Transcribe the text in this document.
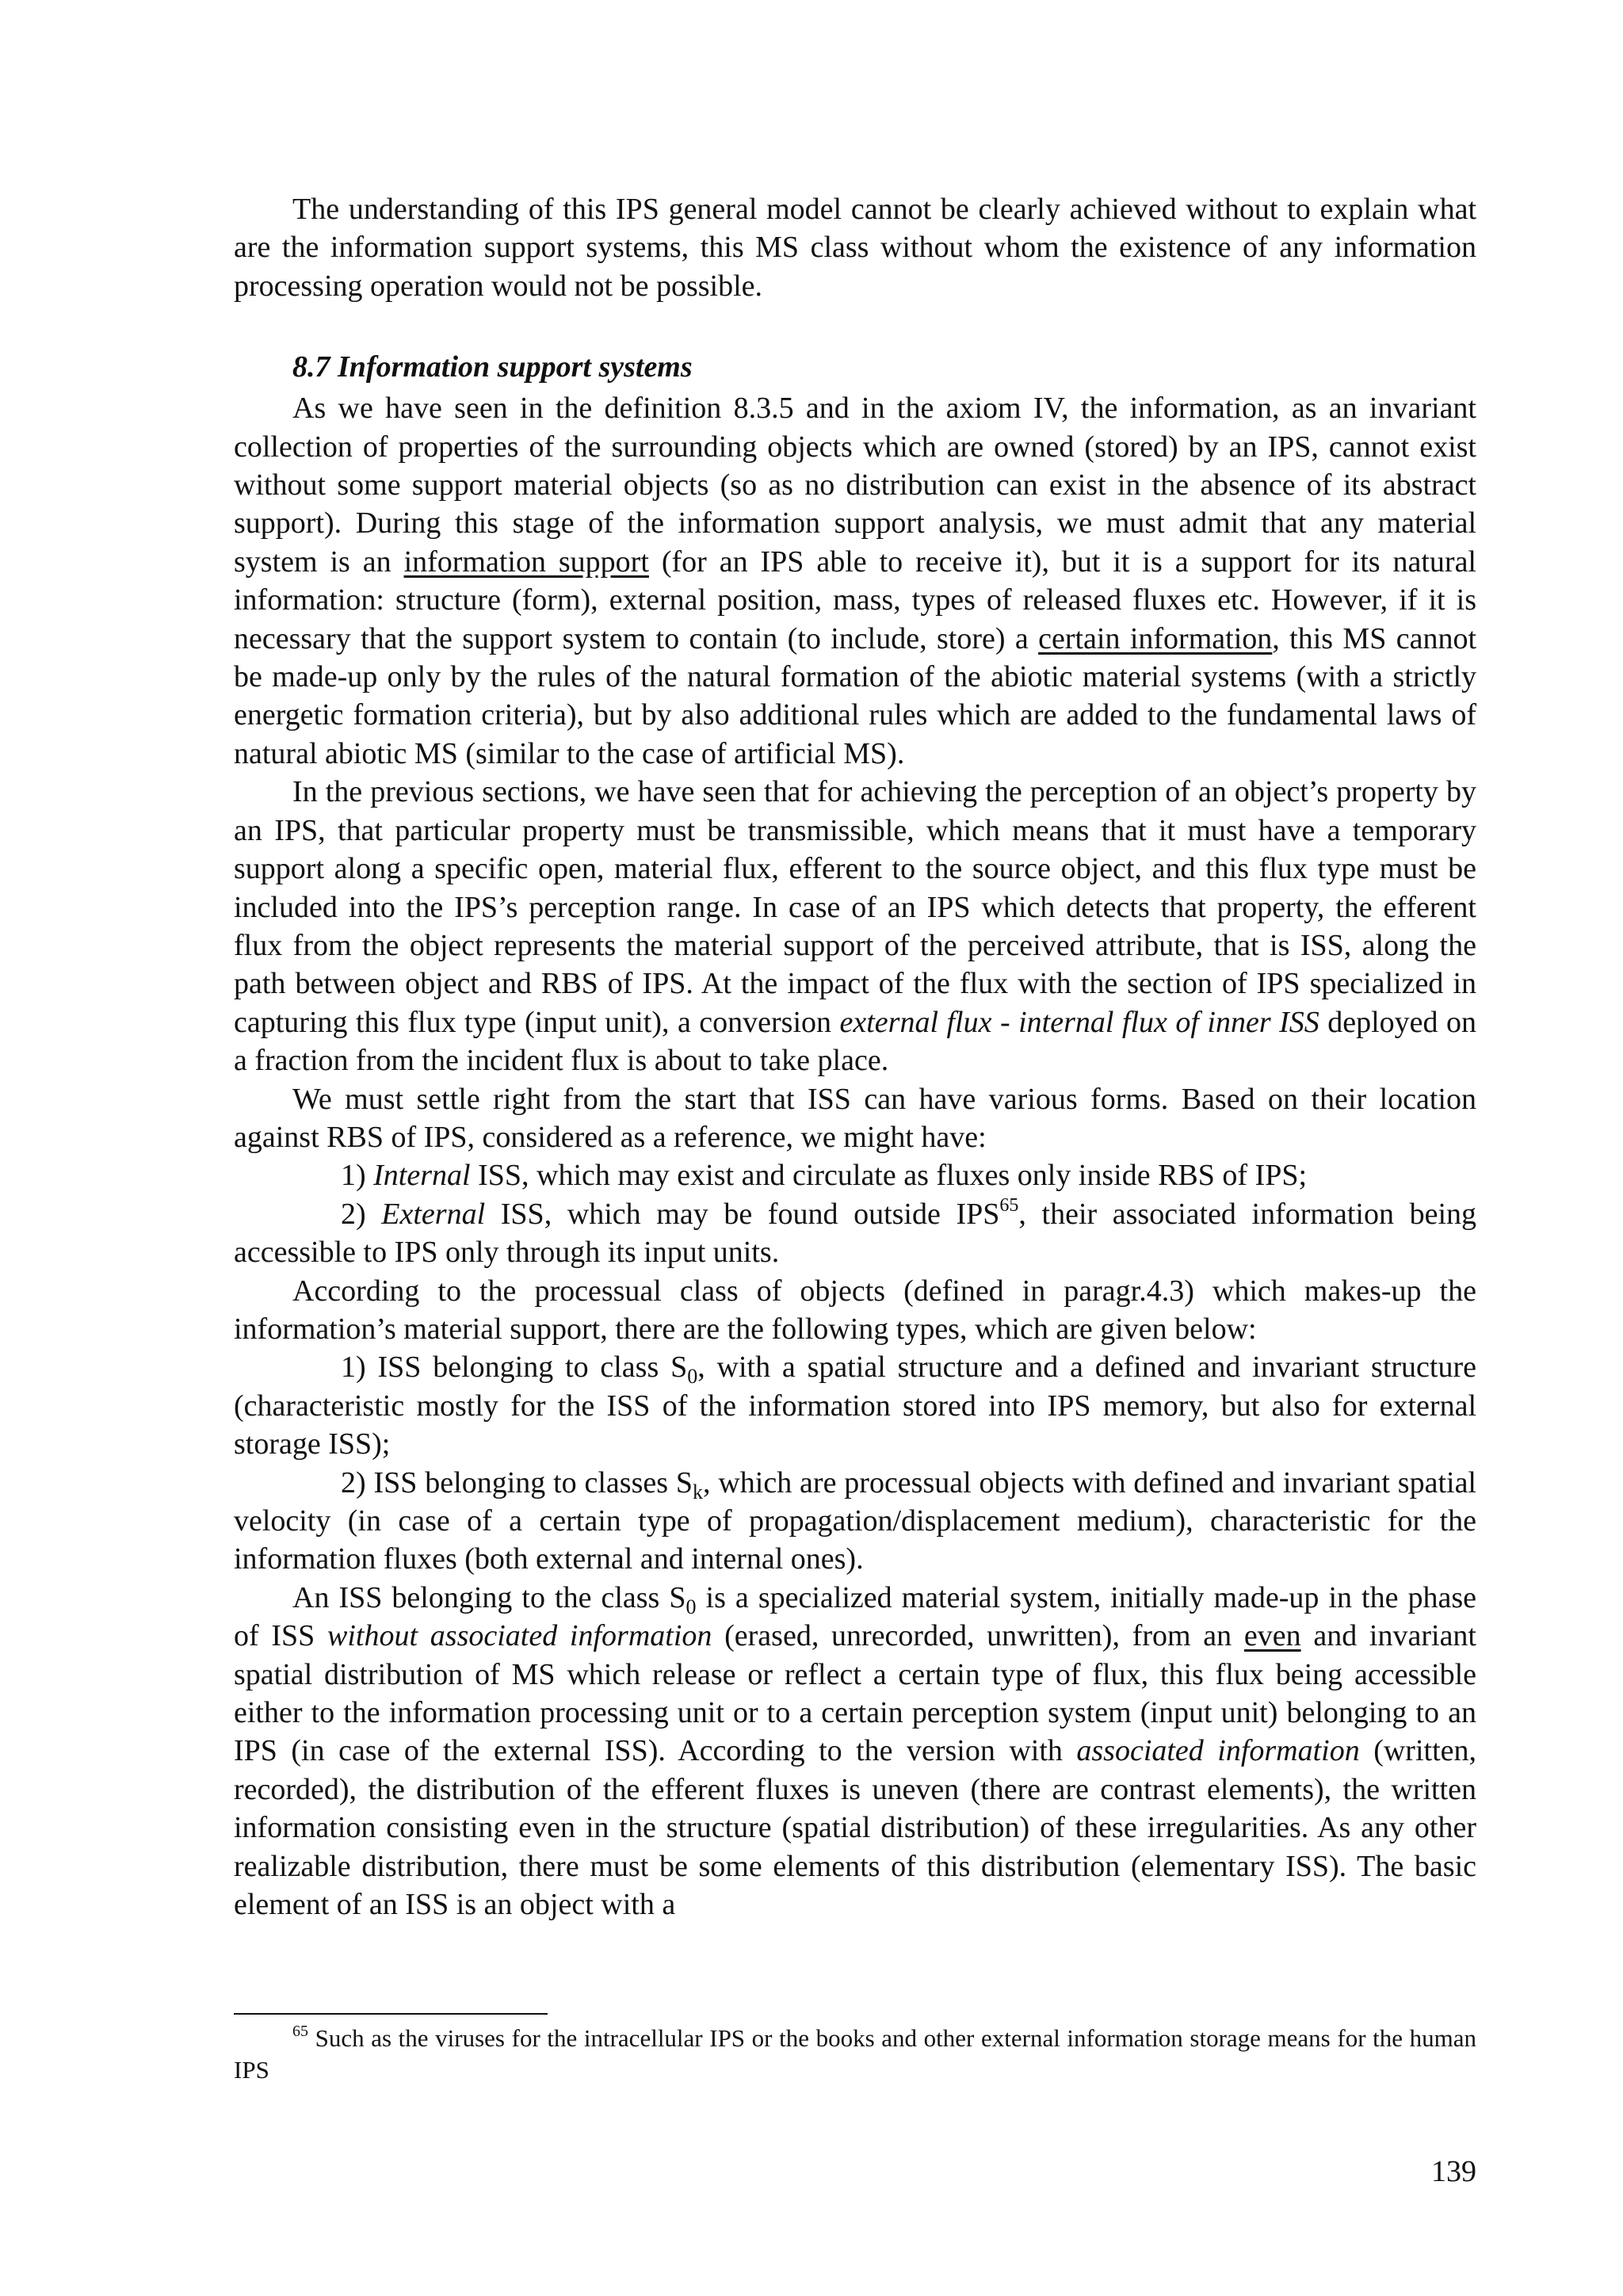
The understanding of this IPS general model cannot be clearly achieved without to explain what are the information support systems, this MS class without whom the existence of any information processing operation would not be possible.

8.7 Information support systems

As we have seen in the definition 8.3.5 and in the axiom IV, the information, as an invariant collection of properties of the surrounding objects which are owned (stored) by an IPS, cannot exist without some support material objects (so as no distribution can exist in the absence of its abstract support). During this stage of the information support analysis, we must admit that any material system is an information support (for an IPS able to receive it), but it is a support for its natural information: structure (form), external position, mass, types of released fluxes etc. However, if it is necessary that the support system to contain (to include, store) a certain information, this MS cannot be made-up only by the rules of the natural formation of the abiotic material systems (with a strictly energetic formation criteria), but by also additional rules which are added to the fundamental laws of natural abiotic MS (similar to the case of artificial MS).

In the previous sections, we have seen that for achieving the perception of an object’s property by an IPS, that particular property must be transmissible, which means that it must have a temporary support along a specific open, material flux, efferent to the source object, and this flux type must be included into the IPS’s perception range. In case of an IPS which detects that property, the efferent flux from the object represents the material support of the perceived attribute, that is ISS, along the path between object and RBS of IPS. At the impact of the flux with the section of IPS specialized in capturing this flux type (input unit), a conversion external flux - internal flux of inner ISS deployed on a fraction from the incident flux is about to take place.

We must settle right from the start that ISS can have various forms. Based on their location against RBS of IPS, considered as a reference, we might have:

1) Internal ISS, which may exist and circulate as fluxes only inside RBS of IPS;

2) External ISS, which may be found outside IPS$^{65}$, their associated information being accessible to IPS only through its input units.

According to the processual class of objects (defined in paragr.4.3) which makes-up the information’s material support, there are the following types, which are given below:

1) ISS belonging to class $S_0$, with a spatial structure and a defined and invariant structure (characteristic mostly for the ISS of the information stored into IPS memory, but also for external storage ISS);

2) ISS belonging to classes $S_k$, which are processual objects with defined and invariant spatial velocity (in case of a certain type of propagation/displacement medium), characteristic for the information fluxes (both external and internal ones).

An ISS belonging to the class $S_0$ is a specialized material system, initially made-up in the phase of ISS without associated information (erased, unrecorded, unwritten), from an even and invariant spatial distribution of MS which release or reflect a certain type of flux, this flux being accessible either to the information processing unit or to a certain perception system (input unit) belonging to an IPS (in case of the external ISS). According to the version with associated information (written, recorded), the distribution of the efferent fluxes is uneven (there are contrast elements), the written information consisting even in the structure (spatial distribution) of these irregularities. As any other realizable distribution, there must be some elements of this distribution (elementary ISS). The basic element of an ISS is an object with a

$^{65}$ Such as the viruses for the intracellular IPS or the books and other external information storage means for the human IPS

139
